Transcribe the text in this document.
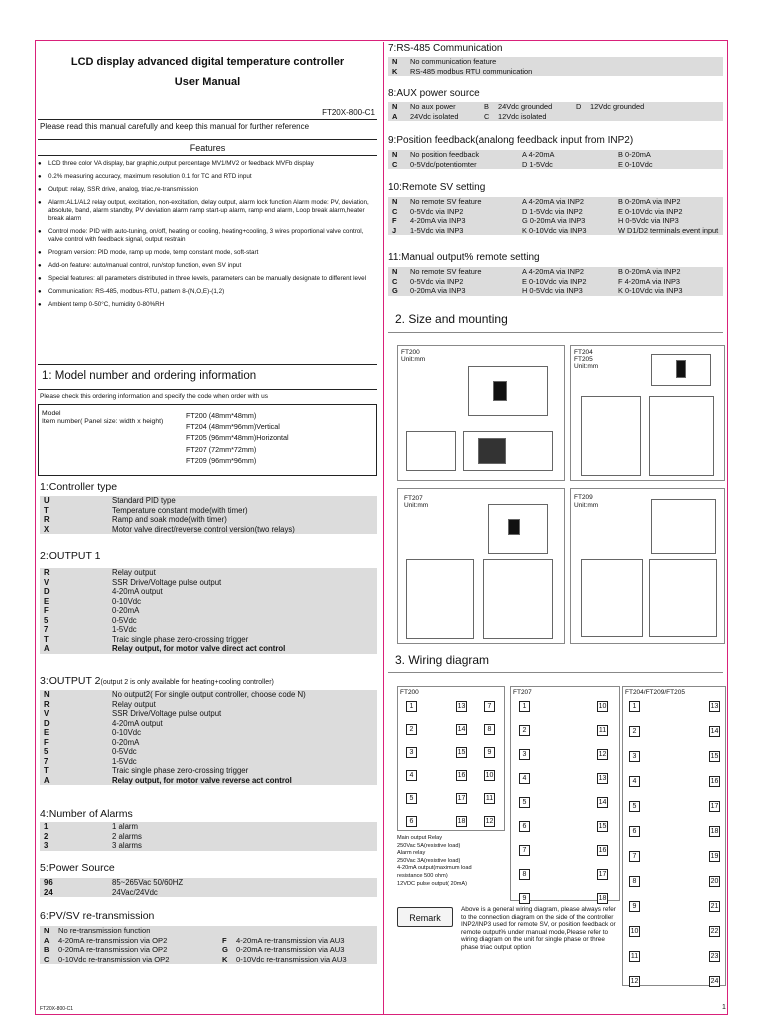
LCD display advanced digital temperature controller
User Manual
FT20X-800-C1
Please read this manual carefully and keep this manual for further reference
Features
● LCD three color VA display, bar graphic,output percentage MV1/MV2 or feedback MVFb display
● 0.2% measuring accuracy, maximum resolution 0.1 for TC and RTD input
● Output: relay, SSR drive, analog, triac,re-transmission
● Alarm:AL1/AL2 relay output, excitation, non-excitation, delay output, alarm lock function Alarm mode: PV, deviation, absolute, band, alarm standby, PV deviation alarm ramp start-up alarm, ramp end alarm, Loop break alarm,heater break alarm
● Control mode: PID with auto-tuning, on/off, heating or cooling, heating+cooling, 3 wires proportional valve control, valve control with feedback signal, output restrain
● Program version: PID mode, ramp up mode, temp constant mode, soft-start
● Add-on feature: auto/manual control, run/stop function, even SV input
● Special features: all parameters distributed in three levels, parameters can be manually designate to different level
● Communication: RS-485, modbus-RTU, pattern 8-(N,O,E)-(1,2)
● Ambient temp 0-50°C, humidity 0-80%RH
1: Model number and ordering information
Please check this ordering information and specify the code when order with us
Model
Item number( Panel size: width x height)
FT200 (48mm*48mm)
FT204 (48mm*96mm)Vertical
FT205 (96mm*48mm)Horizontal
FT207 (72mm*72mm)
FT209 (96mm*96mm)
1:Controller type
U	Standard PID type
T	Temperature constant mode(with timer)
R	Ramp and soak mode(with timer)
X	Motor valve direct/reverse control version(two relays)
2:OUTPUT 1
R	Relay output
V	SSR Drive/Voltage pulse output
D	4-20mA output
E	0-10Vdc
F	0-20mA
5	0-5Vdc
7	1-5Vdc
T	Traic single phase zero-crossing trigger
A	Relay output, for motor valve direct act control
3:OUTPUT 2(output 2 is only available for heating+cooling controller)
N	No output2( For single output controller, choose code N)
R	Relay output
V	SSR Drive/Voltage pulse output
D	4-20mA output
E	0-10Vdc
F	0-20mA
5	0-5Vdc
7	1-5Vdc
T	Traic single phase zero-crossing trigger
A	Relay output, for motor valve reverse act control
4:Number of Alarms
1	1 alarm
2	2 alarms
3	3 alarms
5:Power Source
96	85~265Vac 50/60HZ
24	24Vac/24Vdc
6:PV/SV re-transmission
N	No re-transmission function		
A	4-20mA re-transmission via OP2	F	4-20mA re-transmission via AU3
B	0-20mA re-transmission via OP2	G	0-20mA re-transmission via AU3
C	0-10Vdc re-transmission via OP2	K	0-10Vdc re-transmission via AU3
7:RS-485 Communication
N	No communication feature
K	RS-485 modbus RTU communication
8:AUX power source
N	No aux power	B	24Vdc grounded	D	12Vdc grounded
A	24Vdc isolated	C	12Vdc isolated		
9:Position feedback(analong feedback input from INP2)
N	No position feedback	A 4-20mA	B 0-20mA
C	0-5Vdc/potentiomter	D 1-5Vdc	E 0-10Vdc
10:Remote SV setting
N	No remote SV feature	A 4-20mA via INP2	B 0-20mA via INP2
C	0-5Vdc via INP2	D 1-5Vdc via INP2	E 0-10Vdc via INP2
F	4-20mA via INP3	G 0-20mA via INP3	H 0-5Vdc via INP3
J	1-5Vdc via INP3	K 0-10Vdc via INP3	W D1/D2 terminals event input
11:Manual output% remote setting
N	No remote SV feature	A 4-20mA via INP2	B 0-20mA via INP2
C	0-5Vdc via INP2	E 0-10Vdc via INP2	F 4-20mA via INP3
G	0-20mA via INP3	H 0-5Vdc via INP3	K 0-10Vdc via INP3
2. Size and mounting
FT200
Unit:mm
FT204
FT205
Unit:mm
FT207
Unit:mm
FT209
Unit:mm
3. Wiring diagram
FT200
1
2
3
4
5
6
13
14
15
16
17
18
7
8
9
10
11
12
FT207
1
2
3
4
5
6
7
8
9
10
11
12
13
14
15
16
17
18
FT204/FT209/FT205
1
2
3
4
5
6
7
8
9
10
11
12
13
14
15
16
17
18
19
20
21
22
23
24
Main output Relay
250Vac 5A(resistive load)
Alarm relay
250Vac 3A(resistive load)
4-20mA output(maximum load
resistance 500 ohm)
12VDC pulse output( 20mA)
Remark
Above is a general wiring diagram, please always refer to the connection diagram on the side of the controller INP2/INP3 used for remote SV, or position feedback or remote output% under manual mode,Please refer to wiring diagram on the unit for single phase or three phase triac output option
FT20X-800-C1	1
